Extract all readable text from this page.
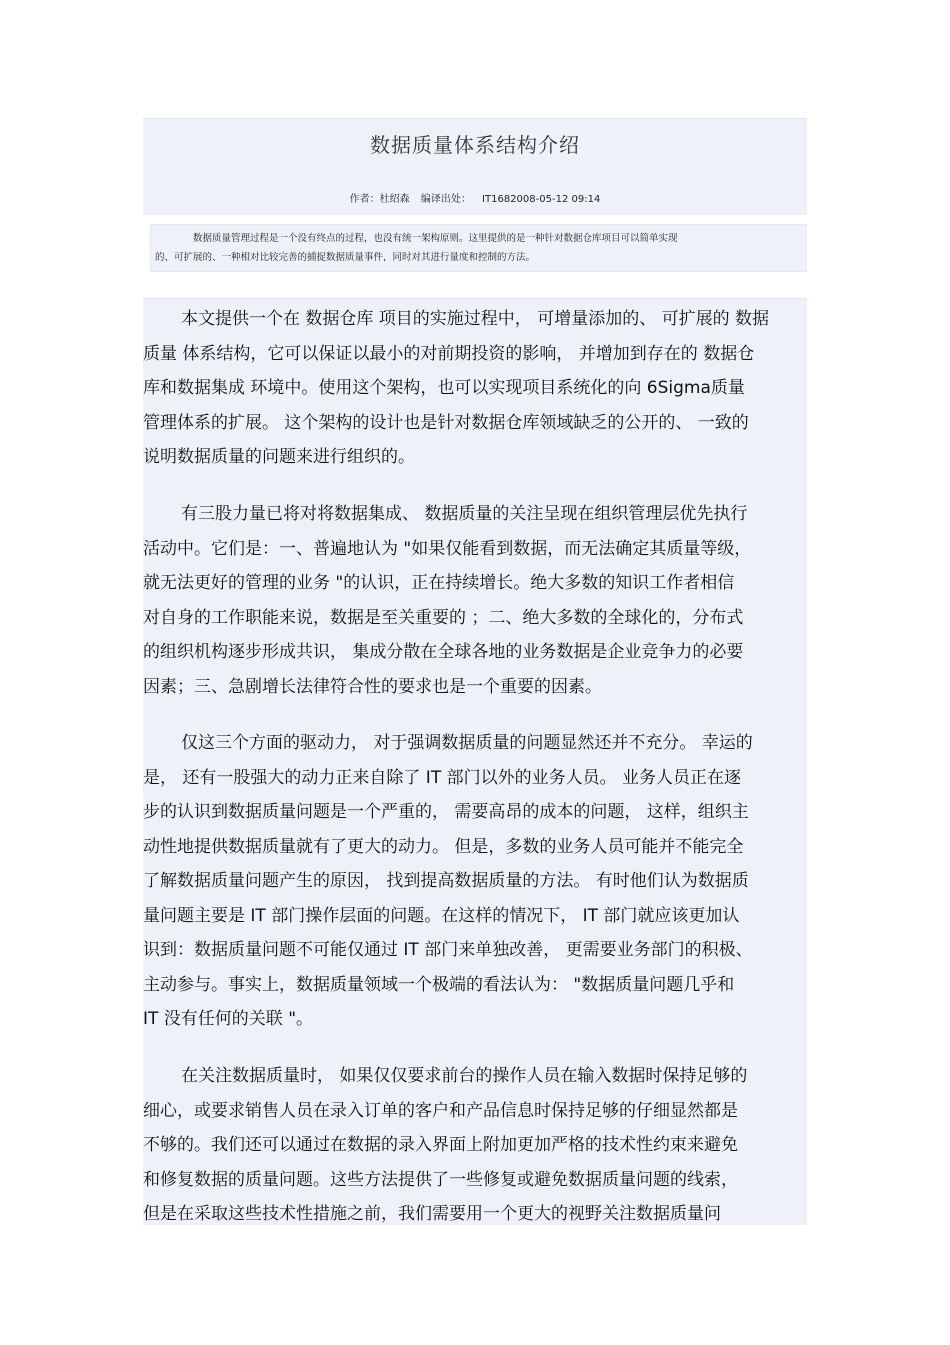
数据质量体系结构介绍
作者：杜绍森 编译出处： IT1682008-05-12 09:14
数据质量管理过程是一个没有终点的过程，也没有统一架构原则。这里提供的是一种针对数据仓库项目可以简单实现
的、可扩展的、一种相对比较完善的捕捉数据质量事件，同时对其进行量度和控制的方法。
本文提供一个在 数据仓库 项目的实施过程中， 可增量添加的、 可扩展的 数据
质量 体系结构，它可以保证以最小的对前期投资的影响， 并增加到存在的 数据仓
库和数据集成 环境中。使用这个架构，也可以实现项目系统化的向 6Sigma质量
管理体系的扩展。 这个架构的设计也是针对数据仓库领域缺乏的公开的、 一致的
说明数据质量的问题来进行组织的。
有三股力量已将对将数据集成、 数据质量的关注呈现在组织管理层优先执行
活动中。它们是：一、普遍地认为 "如果仅能看到数据，而无法确定其质量等级，
就无法更好的管理的业务 "的认识，正在持续增长。绝大多数的知识工作者相信
对自身的工作职能来说，数据是至关重要的 ；二、绝大多数的全球化的，分布式
的组织机构逐步形成共识， 集成分散在全球各地的业务数据是企业竞争力的必要
因素；三、急剧增长法律符合性的要求也是一个重要的因素。
仅这三个方面的驱动力， 对于强调数据质量的问题显然还并不充分。 幸运的
是， 还有一股强大的动力正来自除了 IT 部门以外的业务人员。 业务人员正在逐
步的认识到数据质量问题是一个严重的， 需要高昂的成本的问题， 这样，组织主
动性地提供数据质量就有了更大的动力。 但是，多数的业务人员可能并不能完全
了解数据质量问题产生的原因， 找到提高数据质量的方法。 有时他们认为数据质
量问题主要是 IT 部门操作层面的问题。在这样的情况下， IT 部门就应该更加认
识到：数据质量问题不可能仅通过 IT 部门来单独改善， 更需要业务部门的积极、
主动参与。事实上，数据质量领域一个极端的看法认为： "数据质量问题几乎和
IT 没有任何的关联 "。
在关注数据质量时， 如果仅仅要求前台的操作人员在输入数据时保持足够的
细心，或要求销售人员在录入订单的客户和产品信息时保持足够的仔细显然都是
不够的。我们还可以通过在数据的录入界面上附加更加严格的技术性约束来避免
和修复数据的质量问题。这些方法提供了一些修复或避免数据质量问题的线索，
但是在采取这些技术性措施之前，我们需要用一个更大的视野关注数据质量问
